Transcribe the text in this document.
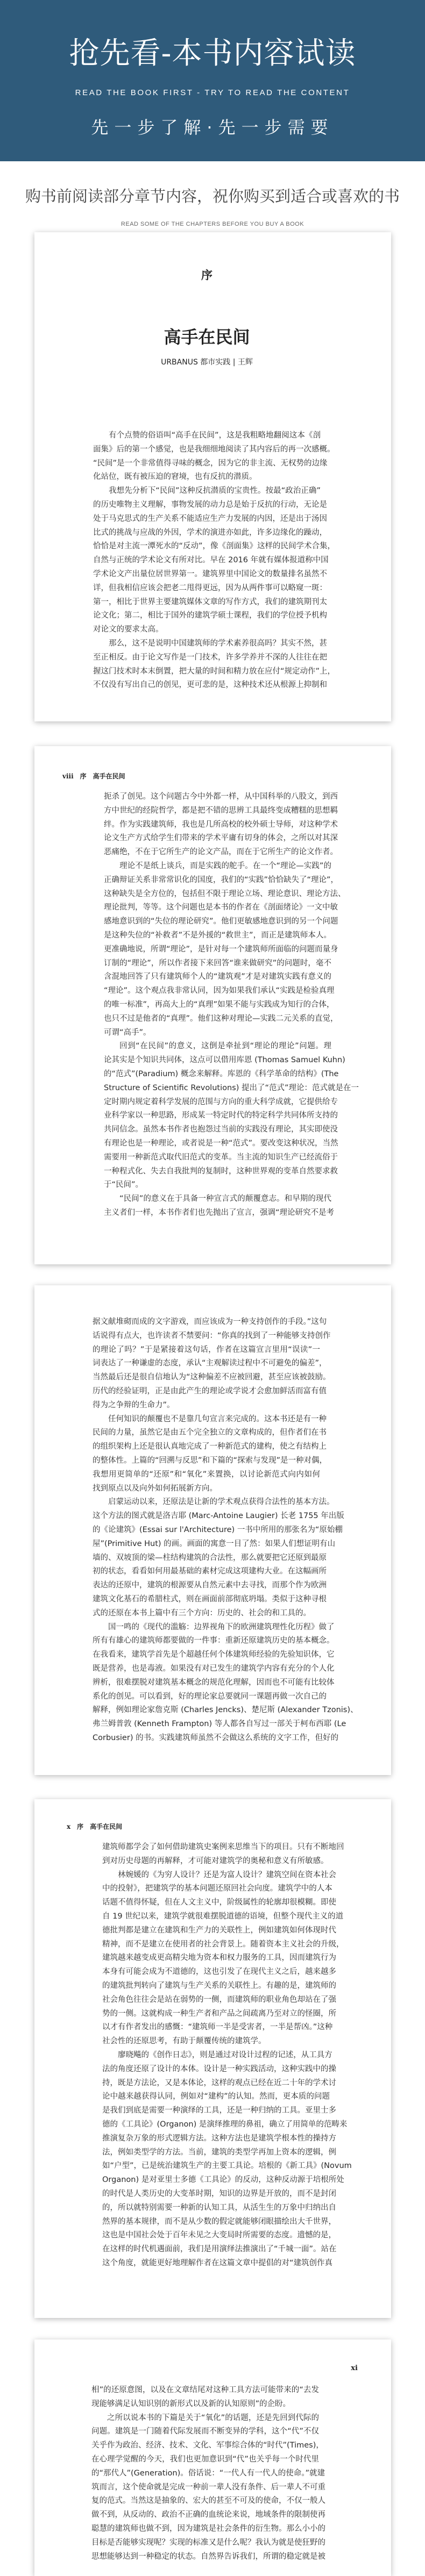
抢先看-本书内容试读
READ THE BOOK FIRST - TRY TO READ THE CONTENT
先一步了解·先一步需要
购书前阅读部分章节内容，祝你购买到适合或喜欢的书
READ SOME OF THE CHAPTERS BEFORE YOU BUY A BOOK
序
高手在民间
URBANUS 都市实践 | 王辉
有个点赞的俗语叫“高手在民间”，这是我粗略地翻阅这本《剖
面集》后的第一个感觉，也是我细细地阅读了其内容后的再一次感概。
“民间”是一个非常值得寻味的概念，因为它的非主流、无权势的边缘
化站位，既有被压迫的窘境，也有反抗的潜质。
我想先分析下“民间”这种反抗潜质的宝贵性。按最“政治正确”
的历史唯物主义理解，事物发展的动力总是始于反抗的行动，无论是
处于马克思式的生产关系不能适应生产力发展的内因，还是出于汤因
比式的挑战与应战的外因，学术的演进亦如此，许多边缘化的躁动，
恰恰是对主流一潭死水的“反动”，像《剖面集》这样的民间学术合集，
自然与正统的学术论文有所对比。早在 2016 年就有媒体报道称中国
学术论文产出量位居世界第一。建筑界里中国论文的数量排名虽然不
详，但我相信应该会把老二甩得更远，因为从两件事可以略窥一斑：
第一，相比于世界主要建筑媒体文章的写作方式，我们的建筑期刊太
论文化；第二，相比于国外的建筑学硕士课程，我们的学位授予机构
对论文的要求太高。
那么，这不是说明中国建筑师的学术素养很高吗？其实不然，甚
至正相反。由于论文写作是一门技术，许多学养并不深的人往往在把
握这门技术时本末倒置，把大量的时间和精力放在应付“规定动作”上，
不仅没有写出自己的创见，更可悲的是，这种技术还从根源上抑制和
viii　序　高手在民间
扼杀了创见。这个问题古今中外都一样，从中国科举的八股文，到西
方中世纪的经院哲学，都是把不错的思辨工具最终变成糟糕的思想羁
绊。作为实践建筑师，我也是几所高校的校外硕士导师，对这种学术
论文生产方式给学生们带来的学术平庸有切身的体会，之所以对其深
恶痛绝，不在于它所生产的论文产品，而在于它所生产的论文作者。
理论不是纸上谈兵，而是实践的舵手。在一个“理论—实践”的
正确辩证关系非常常识化的国度，我们的“实践”恰恰缺失了“理论”，
这种缺失是全方位的，包括但不限于理论立场、理论意识、理论方法、
理论批判，等等。这个问题也是本书的作者在《剖面绪论》一文中敏
感地意识到的“失位的理论研究”。他们更敏感地意识到的另一个问题
是这种失位的“补救者”不是外援的“救世主”，而正是建筑师本人。
更准确地说，所谓“理论”，是针对每一个建筑师所面临的问题而量身
订制的“理论”，所以作者接下来回答“谁来做研究”的问题时，毫不
含混地回答了只有建筑师个人的“建筑观”才是对建筑实践有意义的
“理论”。这个观点我非常认同，因为如果我们承认“实践是检验真理
的唯一标准”，再高大上的“真理”如果不能与实践成为知行的合体，
也只不过是他者的“真理”。他们这种对理论—实践二元关系的直觉，
可谓“高手”。
回到“在民间”的意义，这倒是牵扯到“理论的理论”问题。理
论其实是个知识共同体，这点可以借用库恩 (Thomas Samuel Kuhn)
的“范式”(Paradium) 概念来解释。库恩的《科学革命的结构》(The
Structure of Scientific Revolutions) 提出了“范式”理论：范式就是在一
定时期内规定着科学发展的范围与方向的重大科学成就，它提供给专
业科学家以一种思路，形成某一特定时代的特定科学共同体所支持的
共同信念。虽然本书作者也抱怨过当前的实践没有理论，其实即使没
有理论也是一种理论，或者说是一种“范式”。要改变这种状况，当然
需要用一种新范式取代旧范式的变革。当主流的知识生产已经流俗于
一种程式化、失去自我批判的复制时，这种世界观的变革自然要求救
于“民间”。
“民间”的意义在于具备一种宣言式的颠覆意志。和早期的现代
主义者们一样，本书作者们也先抛出了宣言，强调“理论研究不是考
据文献堆砌而成的文字游戏，而应该成为一种支持创作的手段。”这句
话说得有点大，也许读者不禁要问：“你真的找到了一种能够支持创作
的理论了吗？”于是紧接着这句话，作者在这篇宣言里用“误读”一
词表达了一种谦虚的态度，承认“主观解读过程中不可避免的偏差”，
当然最后还是很自信地认为“这种偏差不应被回避，甚至应该被鼓励。
历代的经验证明，正是由此产生的理论或学说才会愈加鲜活而富有值
得为之争辩的生命力”。
任何知识的颠覆也不是靠几句宣言来完成的。这本书还是有一种
民间的力量，虽然它是由五个完全独立的文章构成的，但作者们在书
的组织架构上还是很认真地完成了一种新范式的建构，使之有结构上
的整体性。上篇的“回溯与反思”和下篇的“探索与发现”是一种对偶，
我想用更简单的“还原”和“氧化”来置换，以讨论新范式向内如何
找到原点以及向外如何拓展新方向。
启蒙运动以来，还原法是让新的学术观点获得合法性的基本方法。
这个方法的图式就是洛吉耶 (Marc-Antoine Laugier) 长老 1755 年出版
的《论建筑》(Essai sur l'Architecture) 一书中所用的那张名为“原始棚
屋”(Primitive Hut) 的画。画面的寓意一目了然：如果人们想证明有山
墙的、双坡顶的梁—柱结构建筑的合法性，那么就要把它还原到最原
初的状态，看看如何用最基础的素材完成这项建构大业。在这幅画所
表达的还原中，建筑的根源要从自然元素中去寻找，而那个作为欧洲
建筑文化基石的希腊柱式，则在画面前部彻底坍塌。类似于这种寻根
式的还原在本书上篇中有三个方向：历史的、社会的和工具的。
国一鸣的《现代的滥觞：边界视角下的欧洲建筑理性化历程》做了
所有有雄心的建筑师都要做的一件事：重新还原建筑历史的基本概念。
在我看来，建筑学首先是个超越任何个体建筑师经验的先验知识体，它
既是营养，也是毒液。如果没有对已发生的建筑学内容有充分的个人化
辨析，很难摆脱对建筑基本概念的规范化理解，因而也不可能有比较体
系化的创见。可以看到，好的理论家总要就同一课题再做一次自己的
解释，例如理论家詹克斯 (Charles Jencks)、楚尼斯 (Alexander Tzonis)、
弗兰姆普敦 (Kenneth Frampton) 等人都各自写过一部关于柯布西耶 (Le
Corbusier) 的书。实践建筑师虽然不会做这么系统的文字工作，但好的
x　序　高手在民间
建筑师都学会了如何借助建筑史案例来思维当下的项目。只有不断地回
到对历史母题的再解释，才可能对建筑学的奥秘和意义有所敏感。
林婉媛的《为穷人设计？还是为富人设计？建筑空间在资本社会
中的投射》，把建筑学的基本问题还原回社会向度。建筑学中的人本
话题不值得怀疑，但在人文主义中，阶级属性的轮廓却很模糊。即使
自 19 世纪以来，建筑学就很难摆脱道德的语境，但整个现代主义的道
德批判都是建立在建筑和生产力的关联性上，例如建筑如何体现时代
精神，而不是建立在使用者的社会背景上。随着资本主义社会的升级，
建筑越来越变成更高精尖地为资本和权力服务的工具，因而建筑行为
本身有可能会成为不道德的，这也引发了在现代主义之后，越来越多
的建筑批判转向了建筑与生产关系的关联性上。有趣的是，建筑师的
社会角色往往会是站在弱势的一侧，而建筑师的职业角色却站在了强
势的一侧。这就构成一种生产者和产品之间疏离乃至对立的怪圈，所
以才有作者发出的感慨：“建筑师一半是受害者，一半是帮凶。”这种
社会性的还原思考，有助于颠覆传统的建筑学。
廖晓飚的《创作日志》，则是通过对设计过程的记述，从工具方
法的角度还原了设计的本体。设计是一种实践活动，这种实践中的操
持，既是方法论，又是本体论，这样的观点已经在近二十年的学术讨
论中越来越获得认同，例如对“建构”的认知。然而，更本质的问题
是我们到底是需要一种演绎的工具，还是一种归纳的工具。亚里士多
德的《工具论》(Organon) 是演绎推理的鼻祖，确立了用简单的范畴来
推演复杂万象的形式逻辑方法。这种方法也是建筑学根本性的操持方
法，例如类型学的方法。当前，建筑的类型学再加上资本的逻辑，例
如“户型”，已是统治建筑生产的主要工具论。培根的《新工具》(Novum
Organon) 是对亚里士多德《工具论》的反动，这种反动源于培根所处
的时代是人类历史的大变革时期，知识的边界是开放的，而不是封闭
的，所以就特别需要一种新的认知工具，从活生生的万象中归纳出自
然界的基本规律，而不是从少数的假定就能够闭眼描绘出大千世界，
这也是中国社会处于百年未见之大变局时所需要的态度。遗憾的是，
在这样的时代机遇面前，我们是用演绎法推演出了“千城一面”。站在
这个角度，就能更好地理解作者在这篇文章中提倡的对“建筑创作真
xi
相”的还原意图，以及在文章结尾对这种工具方法可能带来的“去发
现能够满足认知识别的新形式以及新的认知原则”的企盼。
之所以说本书的下篇是关于“氧化”的话题，还是先回到代际的
问题。建筑是一门随着代际发展而不断变异的学科，这个“代”不仅
关乎作为政治、经济、技术、文化、军事综合体的“时代”(Times)，
在心理学觉醒的今天，我们也更加意识到“代”也关乎每一个时代里
的“那代人”(Generation)。俗话说：“一代人有一代人的使命。”就建
筑而言，这个使命就是完成一种前一辈人没有条件、后一辈人不可重
复的范式。当然这是抽象的、宏大的甚至不可及的使命，不仅一般人
做不到，从反动的、政治不正确的血统论来说，地域条件的限制使再
聪慧的建筑师也做不到，因为建筑是社会条件的衍生物。那么小小的
目标是否能够实现呢？实现的标准又是什么呢？我认为就是使狂野的
思想能够达到一种稳定的状态。自然界告诉我们，所谓的稳定就是被
